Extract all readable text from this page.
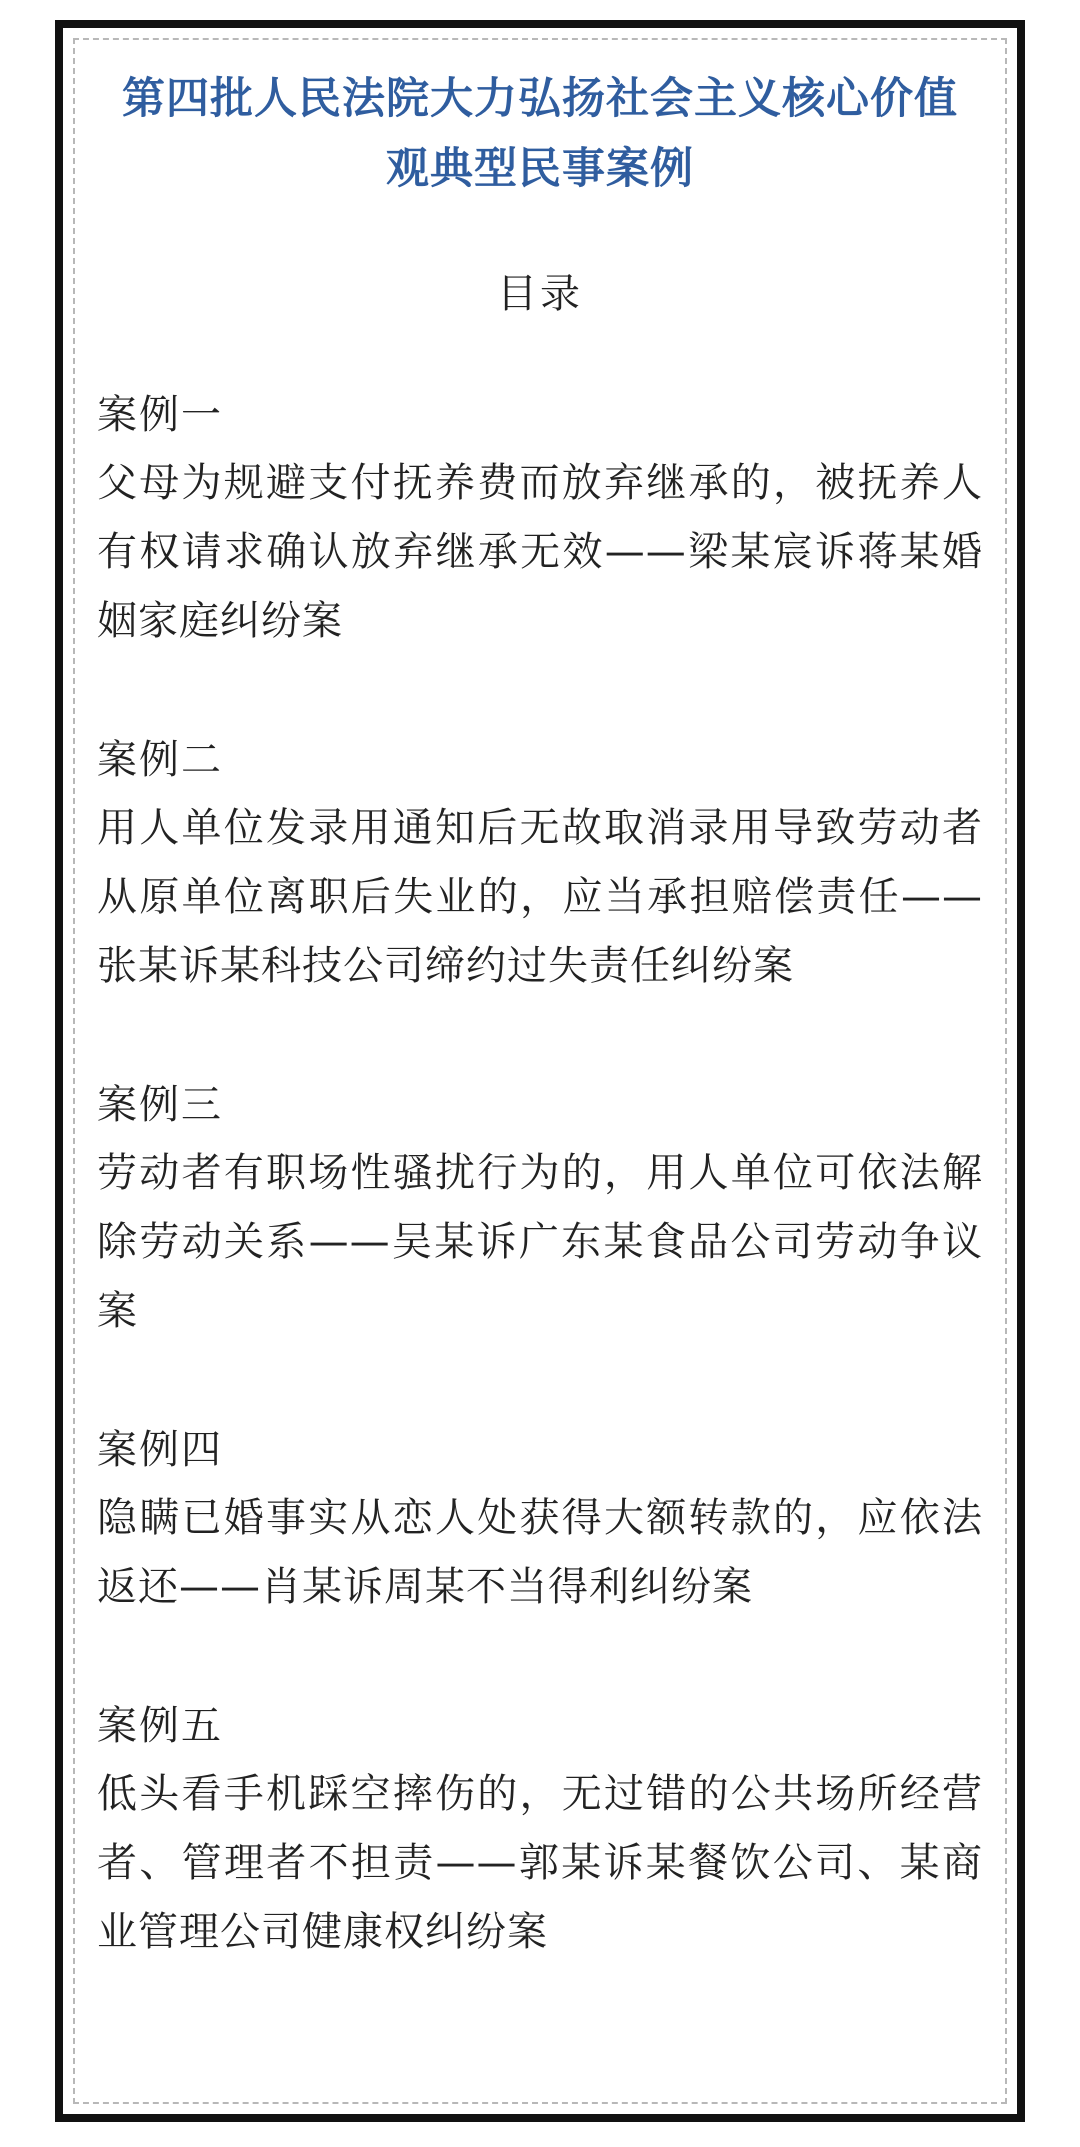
第四批人民法院大力弘扬社会主义核心价值
观典型民事案例
目录
案例一
父母为规避支付抚养费而放弃继承的，被抚养人有权请求确认放弃继承无效——梁某宸诉蒋某婚姻家庭纠纷案
案例二
用人单位发录用通知后无故取消录用导致劳动者从原单位离职后失业的，应当承担赔偿责任——张某诉某科技公司缔约过失责任纠纷案
案例三
劳动者有职场性骚扰行为的，用人单位可依法解除劳动关系——吴某诉广东某食品公司劳动争议案
案例四
隐瞒已婚事实从恋人处获得大额转款的，应依法返还——肖某诉周某不当得利纠纷案
案例五
低头看手机踩空摔伤的，无过错的公共场所经营者、管理者不担责——郭某诉某餐饮公司、某商业管理公司健康权纠纷案
